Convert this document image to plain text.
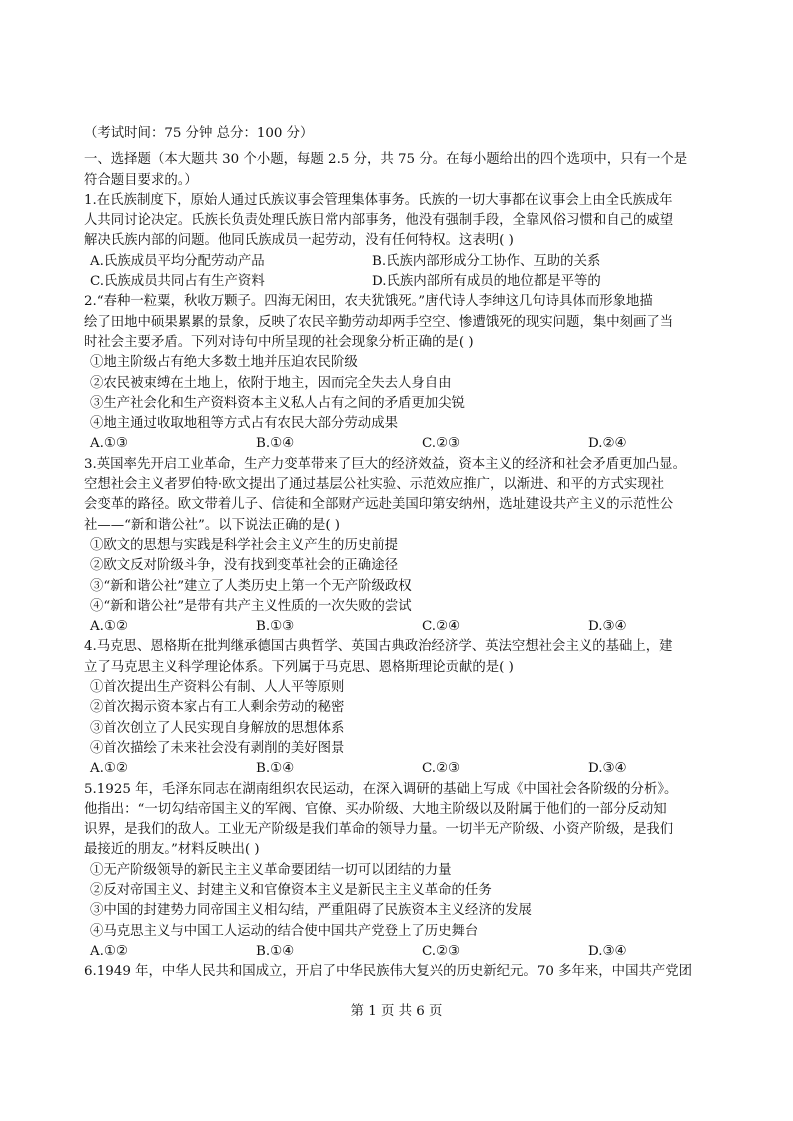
（考试时间：75 分钟 总分：100 分）
一、选择题（本大题共 30 个小题，每题 2.5 分，共 75 分。在每小题给出的四个选项中，只有一个是
符合题目要求的。）
1.在氏族制度下，原始人通过氏族议事会管理集体事务。氏族的一切大事都在议事会上由全氏族成年
人共同讨论决定。氏族长负责处理氏族日常内部事务，他没有强制手段，全靠风俗习惯和自己的威望
解决氏族内部的问题。他同氏族成员一起劳动，没有任何特权。这表明( )
A.氏族成员平均分配劳动产品	B.氏族内部形成分工协作、互助的关系
C.氏族成员共同占有生产资料	D.氏族内部所有成员的地位都是平等的
2.“春种一粒粟，秋收万颗子。四海无闲田，农夫犹饿死。”唐代诗人李绅这几句诗具体而形象地描
绘了田地中硕果累累的景象，反映了农民辛勤劳动却两手空空、惨遭饿死的现实问题，集中刻画了当
时社会主要矛盾。下列对诗句中所呈现的社会现象分析正确的是( )
①地主阶级占有绝大多数土地并压迫农民阶级
②农民被束缚在土地上，依附于地主，因而完全失去人身自由
③生产社会化和生产资料资本主义私人占有之间的矛盾更加尖锐
④地主通过收取地租等方式占有农民大部分劳动成果
A.①③	B.①④	C.②③	D.②④
3.英国率先开启工业革命，生产力变革带来了巨大的经济效益，资本主义的经济和社会矛盾更加凸显。
空想社会主义者罗伯特·欧文提出了通过基层公社实验、示范效应推广，以渐进、和平的方式实现社
会变革的路径。欧文带着儿子、信徒和全部财产远赴美国印第安纳州，选址建设共产主义的示范性公
社——“新和谐公社”。以下说法正确的是( )
①欧文的思想与实践是科学社会主义产生的历史前提
②欧文反对阶级斗争，没有找到变革社会的正确途径
③“新和谐公社”建立了人类历史上第一个无产阶级政权
④“新和谐公社”是带有共产主义性质的一次失败的尝试
A.①②	B.①③	C.②④	D.③④
4.马克思、恩格斯在批判继承德国古典哲学、英国古典政治经济学、英法空想社会主义的基础上，建
立了马克思主义科学理论体系。下列属于马克思、恩格斯理论贡献的是( )
①首次提出生产资料公有制、人人平等原则
②首次揭示资本家占有工人剩余劳动的秘密
③首次创立了人民实现自身解放的思想体系
④首次描绘了未来社会没有剥削的美好图景
A.①②	B.①④	C.②③	D.③④
5.1925 年，毛泽东同志在湖南组织农民运动，在深入调研的基础上写成《中国社会各阶级的分析》。
他指出：“一切勾结帝国主义的军阀、官僚、买办阶级、大地主阶级以及附属于他们的一部分反动知
识界，是我们的敌人。工业无产阶级是我们革命的领导力量。一切半无产阶级、小资产阶级，是我们
最接近的朋友。”材料反映出( )
①无产阶级领导的新民主主义革命要团结一切可以团结的力量
②反对帝国主义、封建主义和官僚资本主义是新民主主义革命的任务
③中国的封建势力同帝国主义相勾结，严重阻碍了民族资本主义经济的发展
④马克思主义与中国工人运动的结合使中国共产党登上了历史舞台
A.①②	B.①④	C.②③	D.③④
6.1949 年，中华人民共和国成立，开启了中华民族伟大复兴的历史新纪元。70 多年来，中国共产党团
第 1 页 共 6 页
